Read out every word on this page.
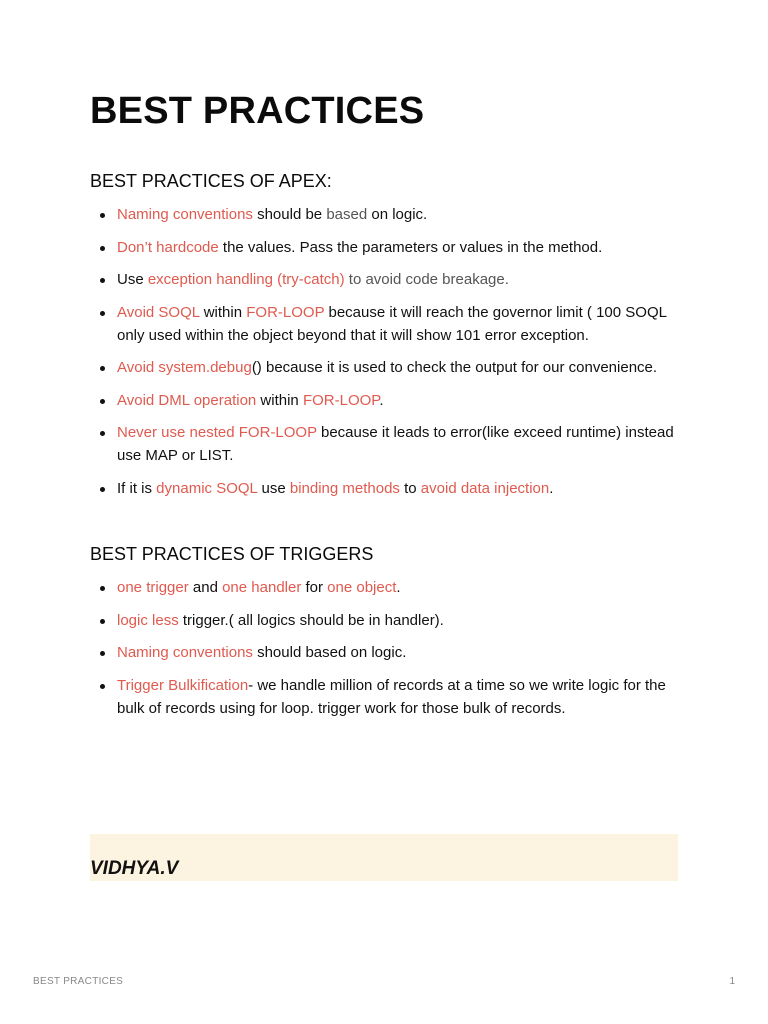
BEST PRACTICES
BEST PRACTICES OF APEX:
Naming conventions should be based on logic.
Don’t hardcode the values. Pass the parameters or values in the method.
Use exception handling (try-catch) to avoid code breakage.
Avoid SOQL within FOR-LOOP because it will reach the governor limit ( 100 SOQL only used within the object beyond that it will show 101 error exception.
Avoid system.debug() because it is used to check the output for our convenience.
Avoid DML operation within FOR-LOOP.
Never use nested FOR-LOOP because it leads to error(like exceed runtime) instead use MAP or LIST.
If it is dynamic SOQL use binding methods to avoid data injection.
BEST PRACTICES OF TRIGGERS
one trigger and one handler for one object.
logic less trigger.( all logics should be in handler).
Naming conventions should based on logic.
Trigger Bulkification- we handle million of records at a time so we write logic for the bulk of records using for loop. trigger work for those bulk of records.
VIDHYA.V
BEST PRACTICES	1
